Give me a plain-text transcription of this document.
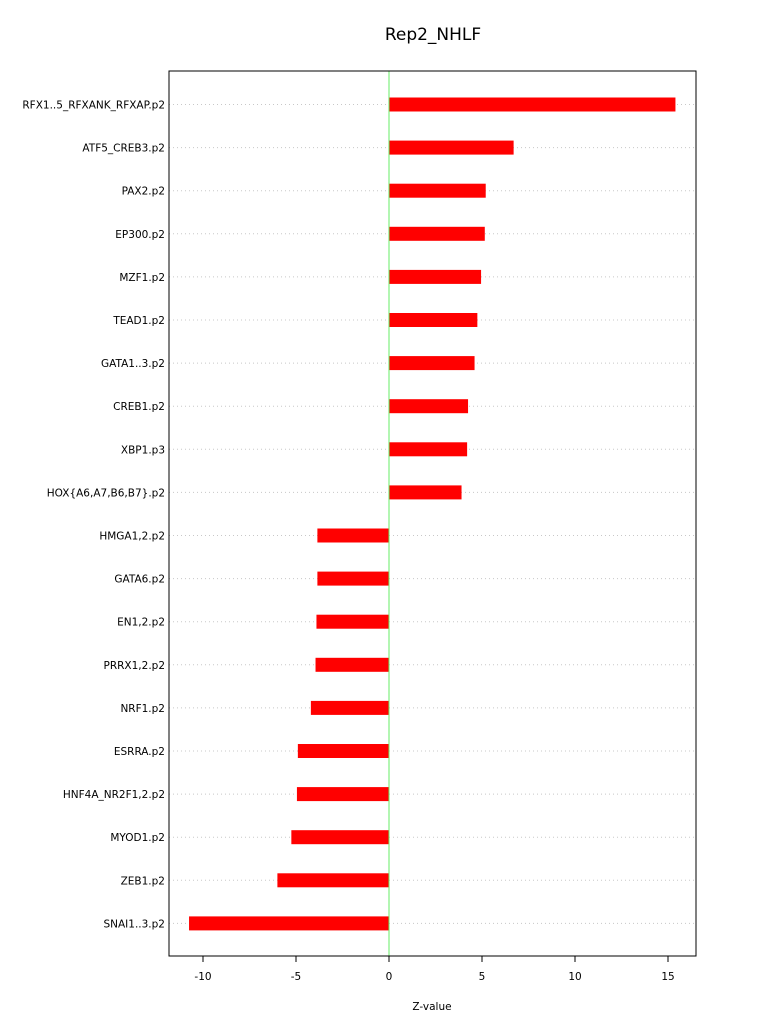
Rep2_NHLF
RFX1..5_RFXANK_RFXAP.p2
ATF5_CREB3.p2
PAX2.p2
EP300.p2
MZF1.p2
TEAD1.p2
GATA1..3.p2
CREB1.p2
XBP1.p3
HOX{A6,A7,B6,B7}.p2
HMGA1,2.p2
GATA6.p2
EN1,2.p2
PRRX1,2.p2
NRF1.p2
ESRRA.p2
HNF4A_NR2F1,2.p2
MYOD1.p2
ZEB1.p2
SNAI1..3.p2
-10	-5	0	5	10	15
Z-value
